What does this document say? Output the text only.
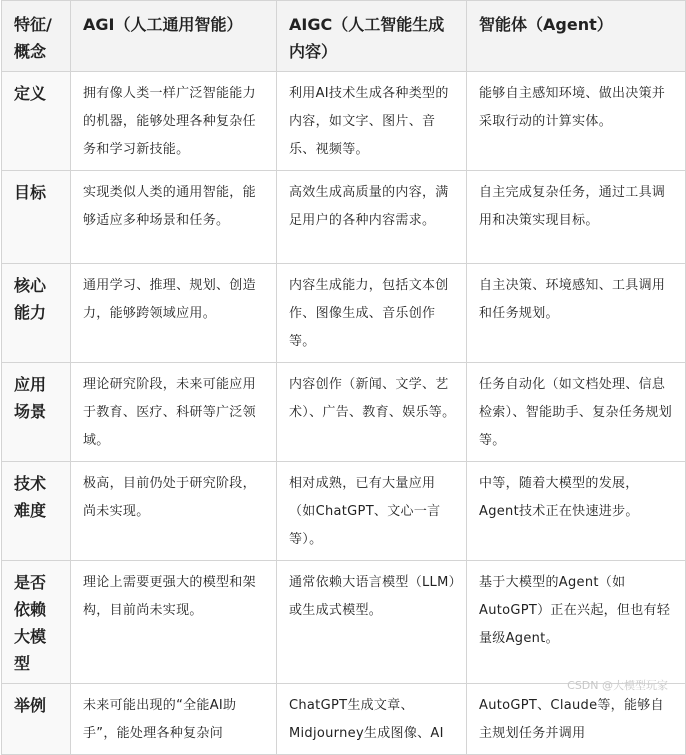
特征/概念	AGI（人工通用智能）	AIGC（人工智能生成内容）	智能体（Agent）
定义	拥有像人类一样广泛智能能力的机器，能够处理各种复杂任务和学习新技能。	利用AI技术生成各种类型的内容，如文字、图片、音乐、视频等。	能够自主感知环境、做出决策并采取行动的计算实体。
目标	实现类似人类的通用智能，能够适应多种场景和任务。	高效生成高质量的内容，满足用户的各种内容需求。	自主完成复杂任务，通过工具调用和决策实现目标。
核心能力	通用学习、推理、规划、创造力，能够跨领域应用。	内容生成能力，包括文本创作、图像生成、音乐创作等。	自主决策、环境感知、工具调用和任务规划。
应用场景	理论研究阶段，未来可能应用于教育、医疗、科研等广泛领域。	内容创作（新闻、文学、艺术）、广告、教育、娱乐等。	任务自动化（如文档处理、信息检索）、智能助手、复杂任务规划等。
技术难度	极高，目前仍处于研究阶段，尚未实现。	相对成熟，已有大量应用（如ChatGPT、文心一言等）。	中等，随着大模型的发展，Agent技术正在快速进步。
是否依赖大模型	理论上需要更强大的模型和架构，目前尚未实现。	通常依赖大语言模型（LLM）或生成式模型。	基于大模型的Agent（如AutoGPT）正在兴起，但也有轻量级Agent。
举例	未来可能出现的“全能AI助手”，能处理各种复杂问	ChatGPT生成文章、Midjourney生成图像、AI	AutoGPT、Claude等，能够自主规划任务并调用
CSDN @大模型玩家
